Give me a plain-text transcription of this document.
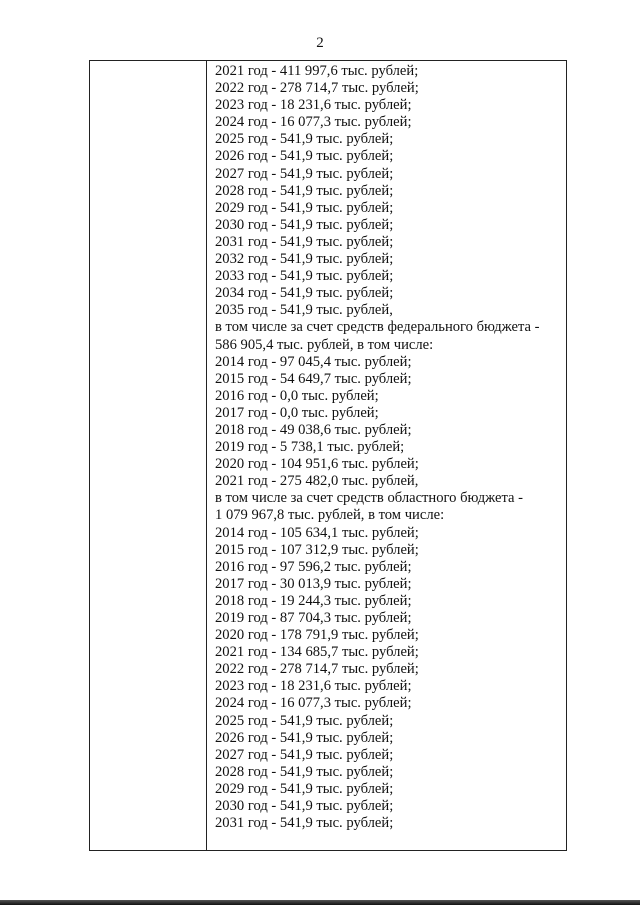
2
2021 год - 411 997,6 тыс. рублей;
2022 год - 278 714,7 тыс. рублей;
2023 год - 18 231,6 тыс. рублей;
2024 год - 16 077,3 тыс. рублей;
2025 год - 541,9 тыс. рублей;
2026 год - 541,9 тыс. рублей;
2027 год - 541,9 тыс. рублей;
2028 год - 541,9 тыс. рублей;
2029 год - 541,9 тыс. рублей;
2030 год - 541,9 тыс. рублей;
2031 год - 541,9 тыс. рублей;
2032 год - 541,9 тыс. рублей;
2033 год - 541,9 тыс. рублей;
2034 год - 541,9 тыс. рублей;
2035 год - 541,9 тыс. рублей,
в том числе за счет средств федерального бюджета -
586 905,4 тыс. рублей, в том числе:
2014 год - 97 045,4 тыс. рублей;
2015 год - 54 649,7 тыс. рублей;
2016 год - 0,0 тыс. рублей;
2017 год - 0,0 тыс. рублей;
2018 год - 49 038,6 тыс. рублей;
2019 год - 5 738,1 тыс. рублей;
2020 год - 104 951,6 тыс. рублей;
2021 год - 275 482,0 тыс. рублей,
в том числе за счет средств областного бюджета -
1 079 967,8 тыс. рублей, в том числе:
2014 год - 105 634,1 тыс. рублей;
2015 год - 107 312,9 тыс. рублей;
2016 год - 97 596,2 тыс. рублей;
2017 год - 30 013,9 тыс. рублей;
2018 год - 19 244,3 тыс. рублей;
2019 год - 87 704,3 тыс. рублей;
2020 год - 178 791,9 тыс. рублей;
2021 год - 134 685,7 тыс. рублей;
2022 год - 278 714,7 тыс. рублей;
2023 год - 18 231,6 тыс. рублей;
2024 год - 16 077,3 тыс. рублей;
2025 год - 541,9 тыс. рублей;
2026 год - 541,9 тыс. рублей;
2027 год - 541,9 тыс. рублей;
2028 год - 541,9 тыс. рублей;
2029 год - 541,9 тыс. рублей;
2030 год - 541,9 тыс. рублей;
2031 год - 541,9 тыс. рублей;
